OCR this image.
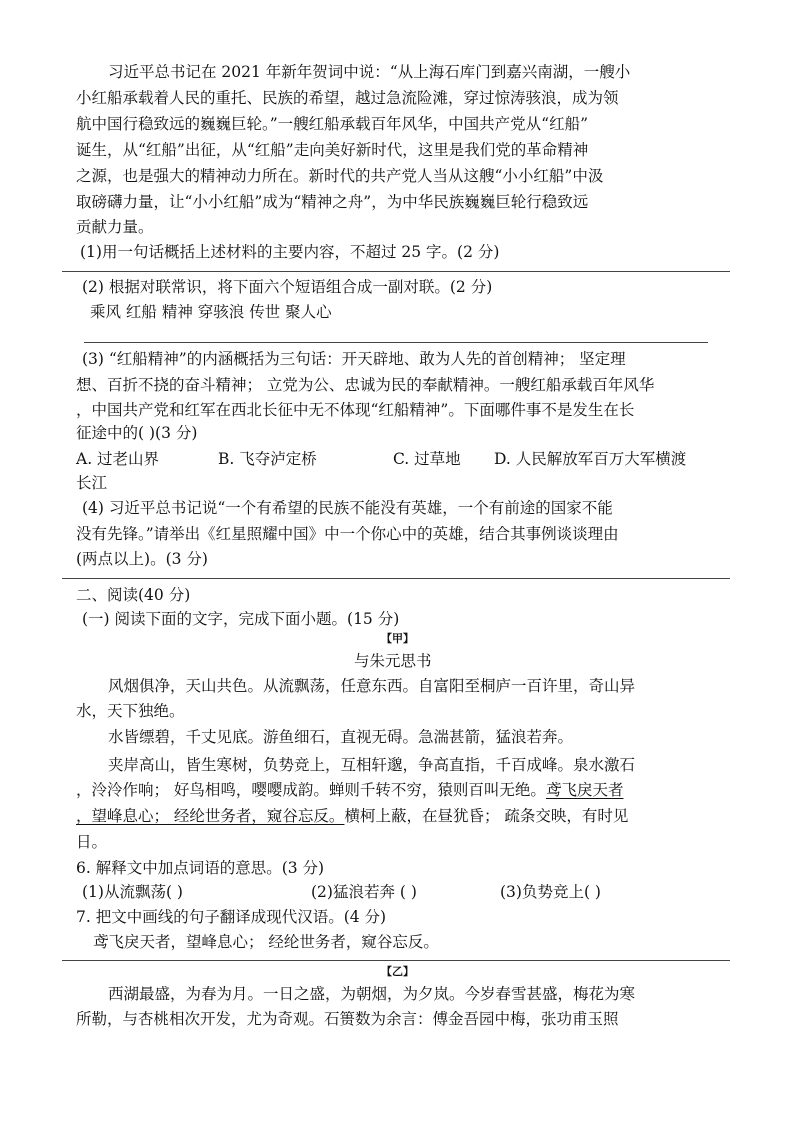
习近平总书记在 2021 年新年贺词中说：“从上海石库门到嘉兴南湖，一艘小
小红船承载着人民的重托、民族的希望，越过急流险滩，穿过惊涛骇浪，成为领
航中国行稳致远的巍巍巨轮。”一艘红船承载百年风华，中国共产党从“红船”
诞生，从“红船”出征，从“红船”走向美好新时代，这里是我们党的革命精神
之源，也是强大的精神动力所在。新时代的共产党人当从这艘“小小红船”中汲
取磅礴力量，让“小小红船”成为“精神之舟”，为中华民族巍巍巨轮行稳致远
贡献力量。
(1)用一句话概括上述材料的主要内容，不超过 25 字。(2 分)
(2) 根据对联常识，将下面六个短语组合成一副对联。(2 分)
乘风 红船 精神 穿骇浪 传世 聚人心
(3) “红船精神”的内涵概括为三句话：开天辟地、敢为人先的首创精神； 坚定理
想、百折不挠的奋斗精神； 立党为公、忠诚为民的奉献精神。一艘红船承载百年风华
，中国共产党和红军在西北长征中无不体现“红船精神”。下面哪件事不是发生在长
征途中的( )(3 分)
A. 过老山界	B. 飞夺泸定桥	C. 过草地 D. 人民解放军百万大军横渡
长江
(4) 习近平总书记说“一个有希望的民族不能没有英雄，一个有前途的国家不能
没有先锋。”请举出《红星照耀中国》中一个你心中的英雄，结合其事例谈谈理由
(两点以上)。(3 分)
二、阅读(40 分)
(一) 阅读下面的文字，完成下面小题。(15 分)
【甲】
与朱元思书
风烟俱净，天山共色。从流飘荡，任意东西。自富阳至桐庐一百许里，奇山异
水，天下独绝。
水皆缥碧，千丈见底。游鱼细石，直视无碍。急湍甚箭，猛浪若奔。
夹岸高山，皆生寒树，负势竞上，互相轩邈，争高直指，千百成峰。泉水激石
，泠泠作响； 好鸟相鸣，嘤嘤成韵。蝉则千转不穷，猿则百叫无绝。鸢飞戾天者
，望峰息心； 经纶世务者，窥谷忘反。横柯上蔽，在昼犹昏； 疏条交映，有时见
日。
6. 解释文中加点词语的意思。(3 分)
(1)从流飘荡( )	(2)猛浪若奔 ( )	(3)负势竞上( )
7. 把文中画线的句子翻译成现代汉语。(4 分)
鸢飞戾天者，望峰息心； 经纶世务者，窥谷忘反。
【乙】
西湖最盛，为春为月。一日之盛，为朝烟，为夕岚。今岁春雪甚盛，梅花为寒
所勒，与杏桃相次开发，尤为奇观。石篑数为余言：傅金吾园中梅，张功甫玉照
